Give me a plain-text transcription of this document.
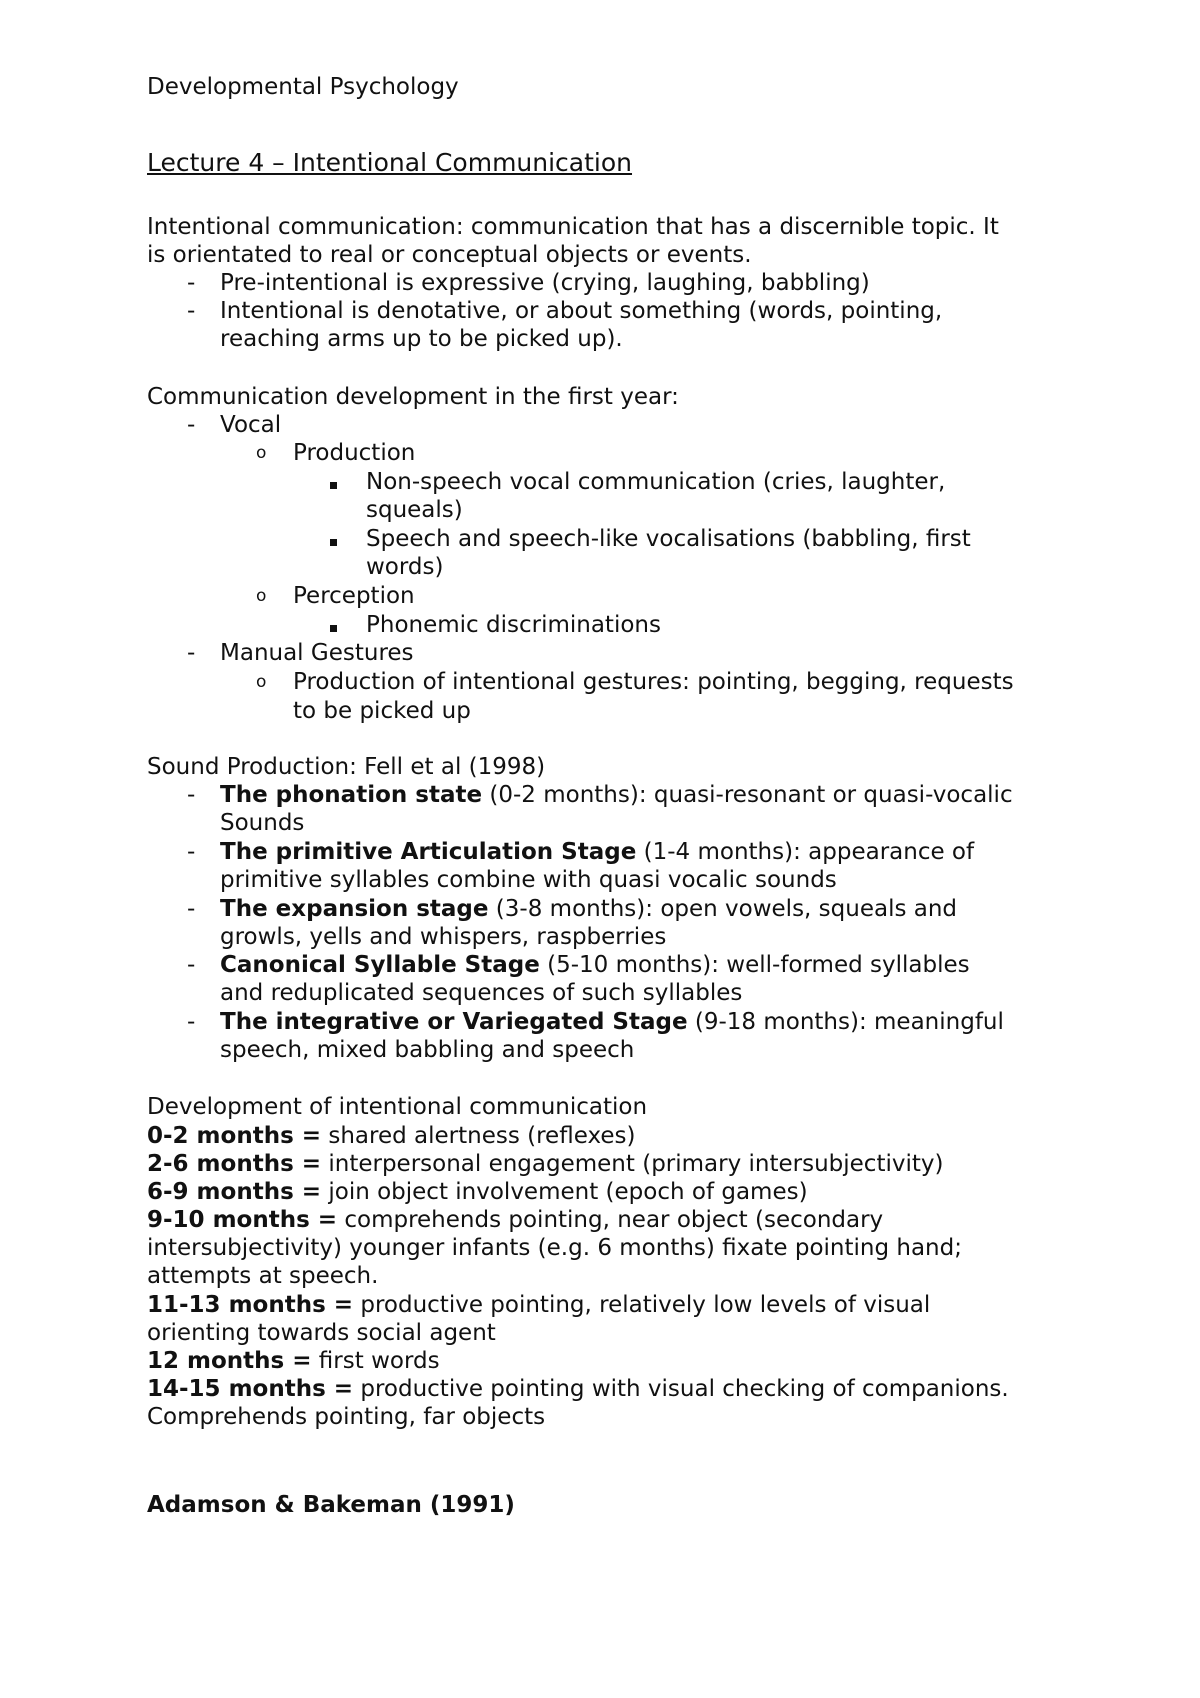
Developmental Psychology
Lecture 4 – Intentional Communication
Intentional communication: communication that has a discernible topic. It
is orientated to real or conceptual objects or events.
- Pre-intentional is expressive (crying, laughing, babbling)
- Intentional is denotative, or about something (words, pointing,
reaching arms up to be picked up).
Communication development in the first year:
- Vocal
o Production
Non-speech vocal communication (cries, laughter,
squeals)
Speech and speech-like vocalisations (babbling, first
words)
o Perception
Phonemic discriminations
- Manual Gestures
o Production of intentional gestures: pointing, begging, requests
to be picked up
Sound Production: Fell et al (1998)
- The phonation state (0-2 months): quasi-resonant or quasi-vocalic
Sounds
- The primitive Articulation Stage (1-4 months): appearance of
primitive syllables combine with quasi vocalic sounds
- The expansion stage (3-8 months): open vowels, squeals and
growls, yells and whispers, raspberries
- Canonical Syllable Stage (5-10 months): well-formed syllables
and reduplicated sequences of such syllables
- The integrative or Variegated Stage (9-18 months): meaningful
speech, mixed babbling and speech
Development of intentional communication
0-2 months = shared alertness (reflexes)
2-6 months = interpersonal engagement (primary intersubjectivity)
6-9 months = join object involvement (epoch of games)
9-10 months = comprehends pointing, near object (secondary
intersubjectivity) younger infants (e.g. 6 months) fixate pointing hand;
attempts at speech.
11-13 months = productive pointing, relatively low levels of visual
orienting towards social agent
12 months = first words
14-15 months = productive pointing with visual checking of companions.
Comprehends pointing, far objects
Adamson & Bakeman (1991)
